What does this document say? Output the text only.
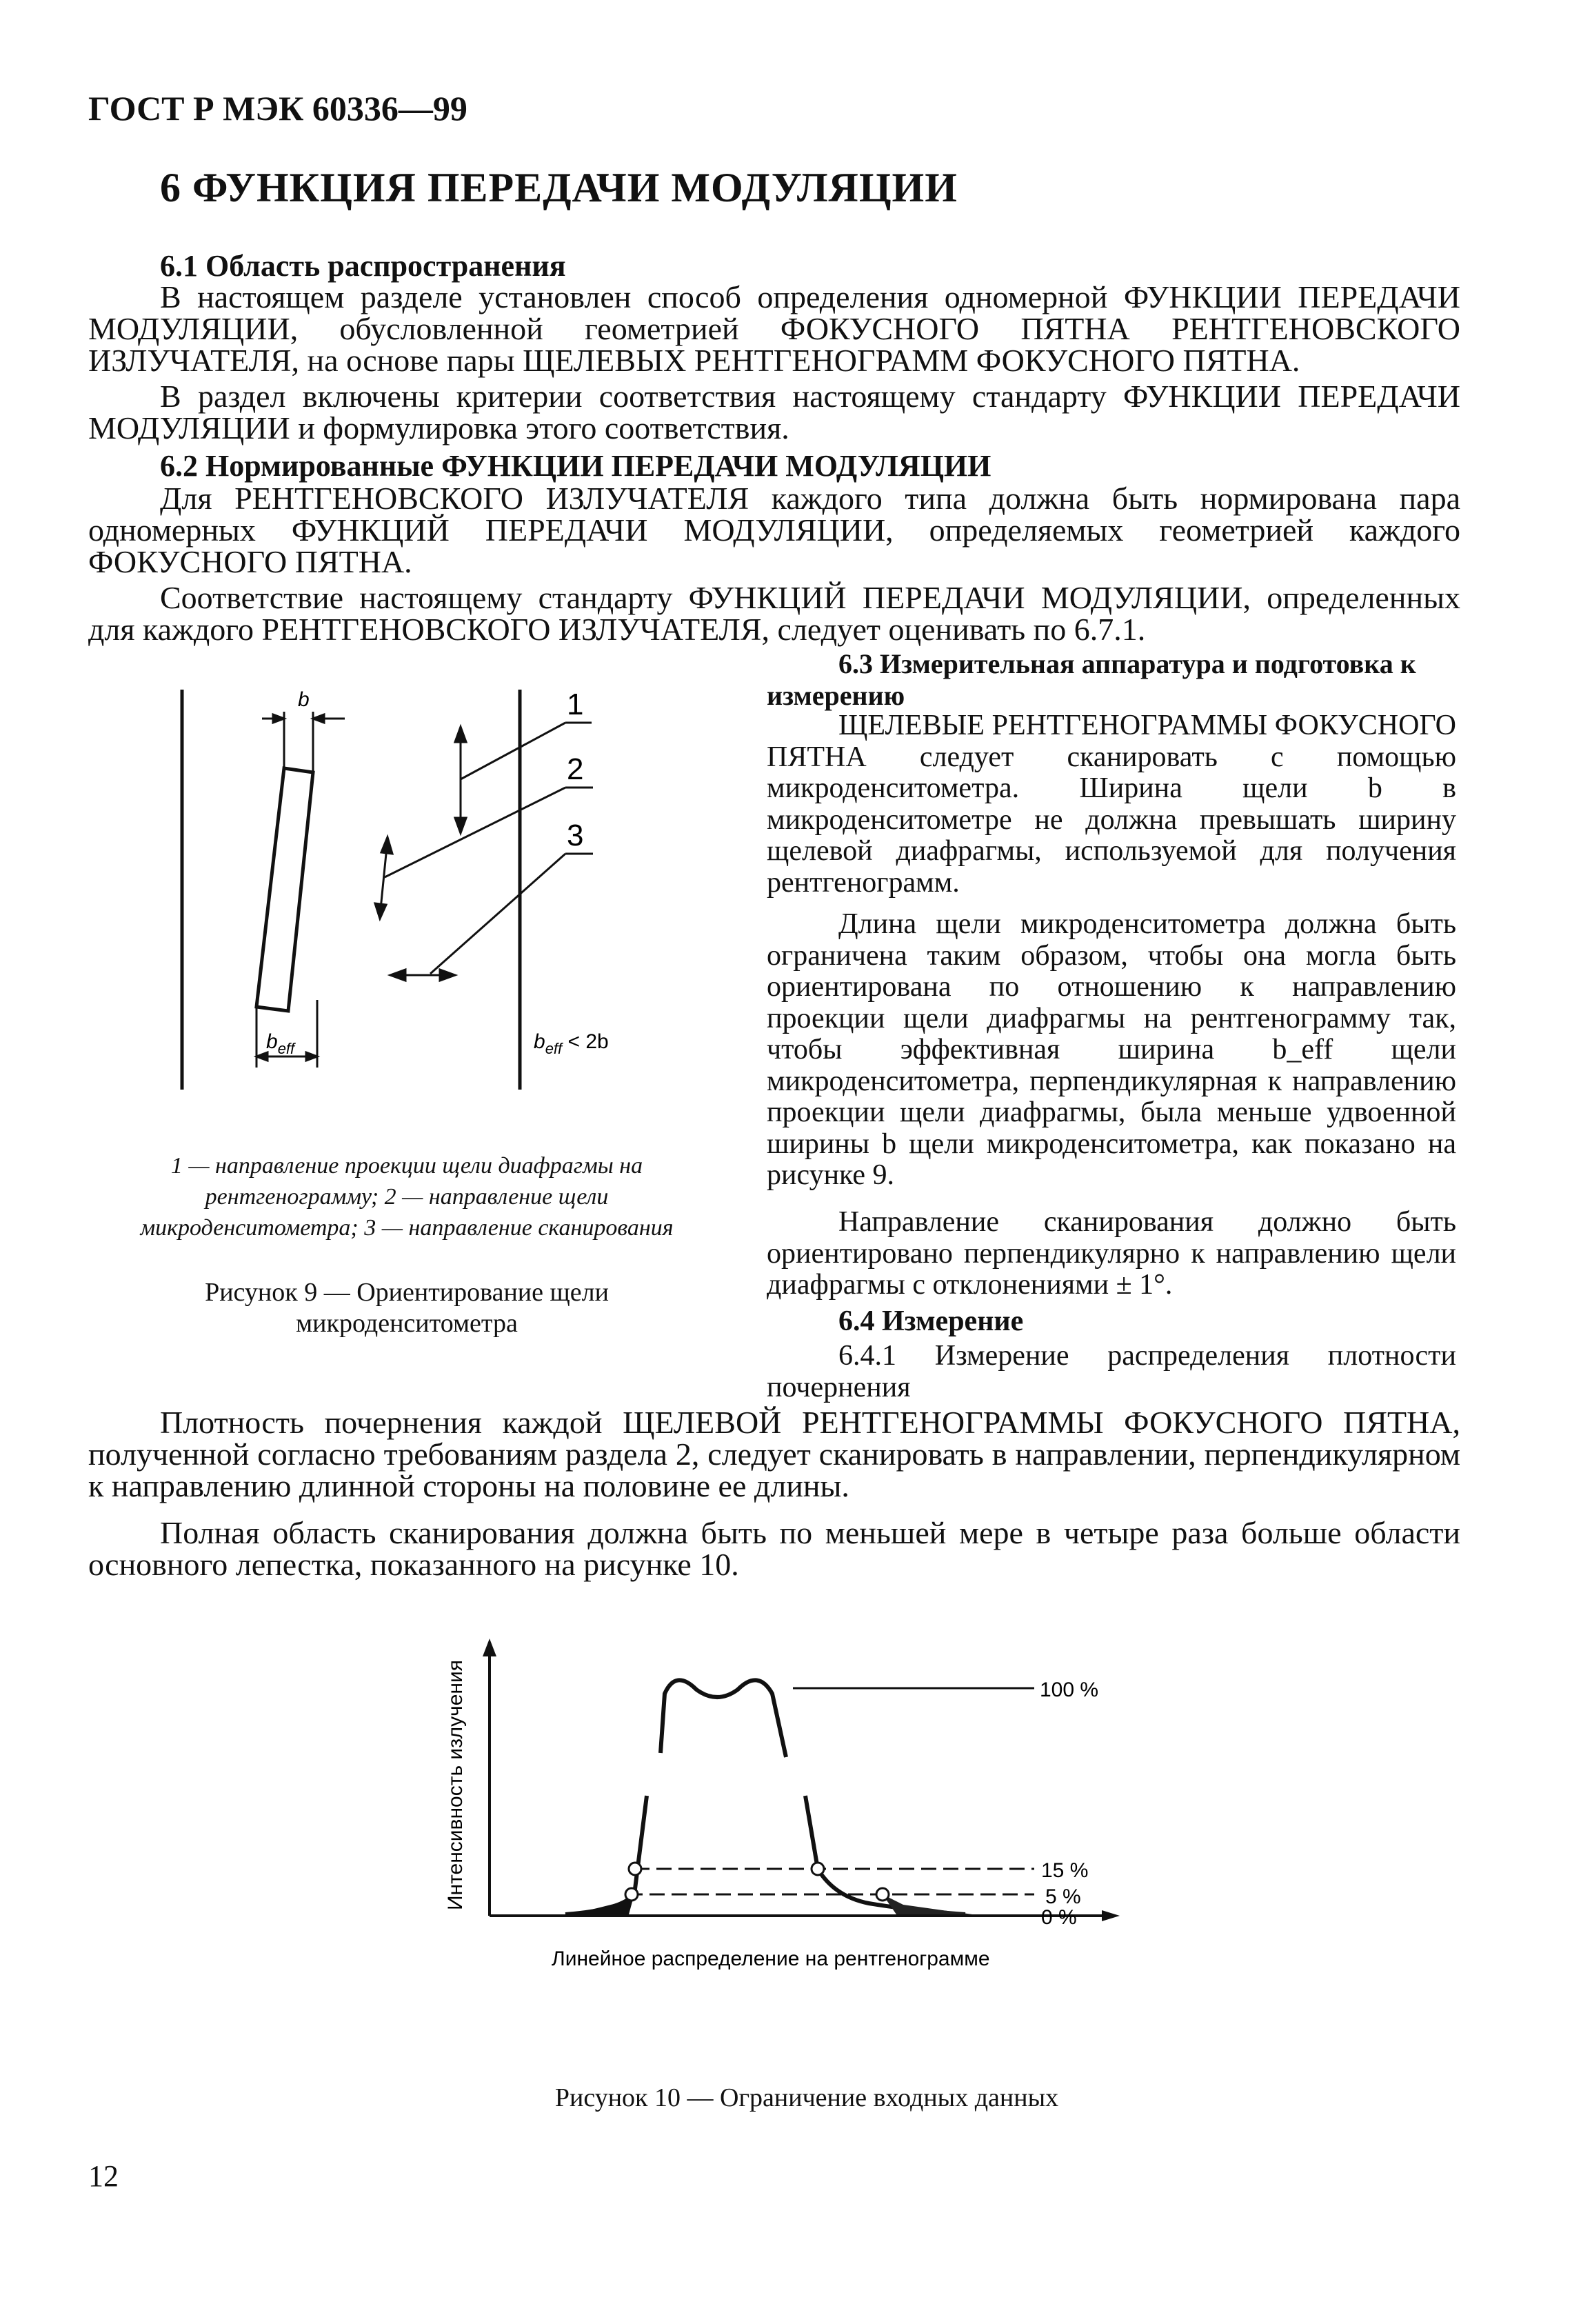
ГОСТ Р МЭК 60336—99
6 ФУНКЦИЯ ПЕРЕДАЧИ МОДУЛЯЦИИ
6.1 Область распространения
В настоящем разделе установлен способ определения одномерной ФУНКЦИИ ПЕРЕДАЧИ МОДУЛЯЦИИ, обусловленной геометрией ФОКУСНОГО ПЯТНА РЕНТГЕНОВСКОГО ИЗЛУЧАТЕЛЯ, на основе пары ЩЕЛЕВЫХ РЕНТГЕНОГРАММ ФОКУСНОГО ПЯТНА.
В раздел включены критерии соответствия настоящему стандарту ФУНКЦИИ ПЕРЕДАЧИ МОДУЛЯЦИИ и формулировка этого соответствия.
6.2 Нормированные ФУНКЦИИ ПЕРЕДАЧИ МОДУЛЯЦИИ
Для РЕНТГЕНОВСКОГО ИЗЛУЧАТЕЛЯ каждого типа должна быть нормирована пара одномерных ФУНКЦИЙ ПЕРЕДАЧИ МОДУЛЯЦИИ, определяемых геометрией каждого ФОКУСНОГО ПЯТНА.
Соответствие настоящему стандарту ФУНКЦИЙ ПЕРЕДАЧИ МОДУЛЯЦИИ, определенных для каждого РЕНТГЕНОВСКОГО ИЗЛУЧАТЕЛЯ, следует оценивать по 6.7.1.
6.3 Измерительная аппаратура и подготовка к измерению
ЩЕЛЕВЫЕ РЕНТГЕНОГРАММЫ ФОКУСНОГО ПЯТНА следует сканировать с помощью микроденситометра. Ширина щели b в микроденситометре не должна превышать ширину щелевой диафрагмы, используемой для получения рентгенограмм.
Длина щели микроденситометра должна быть ограничена таким образом, чтобы она могла быть ориентирована по отношению к направлению проекции щели диафрагмы на рентгенограмму так, чтобы эффективная ширина b_eff щели микроденситометра, перпендикулярная к направлению проекции щели диафрагмы, была меньше удвоенной ширины b щели микроденситометра, как показано на рисунке 9.
Направление сканирования должно быть ориентировано перпендикулярно к направлению щели диафрагмы с отклонениями ± 1°.
6.4 Измерение
6.4.1 Измерение распределения плотности почернения
Плотность почернения каждой ЩЕЛЕВОЙ РЕНТГЕНОГРАММЫ ФОКУСНОГО ПЯТНА, полученной согласно требованиям раздела 2, следует сканировать в направлении, перпендикулярном к направлению длинной стороны на половине ее длины.
Полная область сканирования должна быть по меньшей мере в четыре раза больше области основного лепестка, показанного на рисунке 10.
b
$b_{eff}$	$b_{eff} < 2b$
1
2
3
1 — направление проекции щели диафрагмы на рентгенограмму; 2 — направление щели микроденситометра; 3 — направление сканирования
Рисунок 9 — Ориентирование щели микроденситометра
100 %
15 %
5 %
0 %
Интенсивность излучения
Линейное распределение на рентгенограмме
Рисунок 10 — Ограничение входных данных
12
